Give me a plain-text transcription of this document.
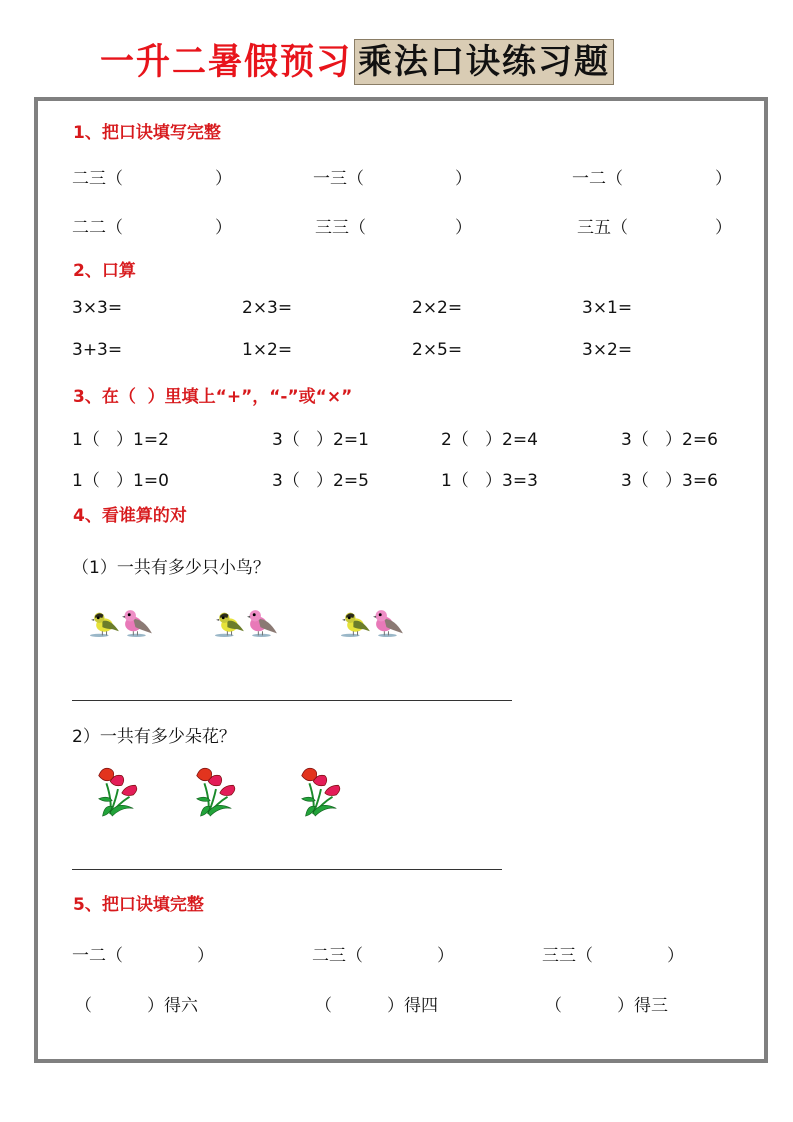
一升二暑假预习 乘法口诀练习题
1、把口诀填写完整
二三（	）	一三（	）	一二（	）
二二（	）	三三（	）	三五（	）
2、口算
3×3=	2×3=	2×2=	3×1=
3+3=	1×2=	2×5=	3×2=
3、在（  ）里填上“+”，“-”或“×”
1（   ）1=2	3（   ）2=1	2（   ）2=4	3（   ）2=6
1（   ）1=0	3（   ）2=5	1（   ）3=3	3（   ）3=6
4、看谁算的对
（1）一共有多少只小鸟？
2）一共有多少朵花？
5、把口诀填完整
一二（	）	二三（	）	三三（	）
（	）得六	（	）得四	（	）得三
